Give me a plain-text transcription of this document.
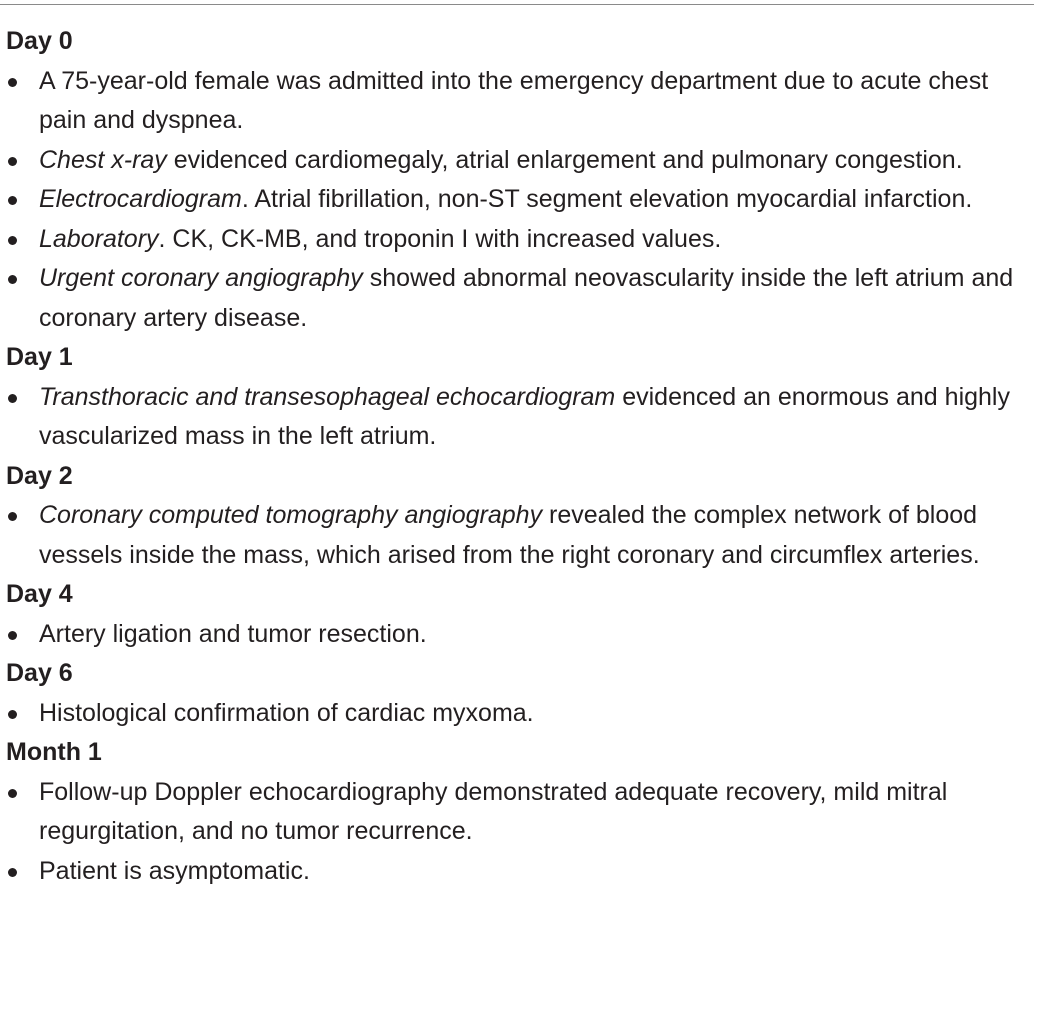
Day 0
A 75-year-old female was admitted into the emergency department due to acute chest pain and dyspnea.
Chest x-ray evidenced cardiomegaly, atrial enlargement and pulmonary congestion.
Electrocardiogram. Atrial fibrillation, non-ST segment elevation myocardial infarction.
Laboratory. CK, CK-MB, and troponin I with increased values.
Urgent coronary angiography showed abnormal neovascularity inside the left atrium and coronary artery disease.
Day 1
Transthoracic and transesophageal echocardiogram evidenced an enormous and highly vascularized mass in the left atrium.
Day 2
Coronary computed tomography angiography revealed the complex network of blood vessels inside the mass, which arised from the right coronary and circumflex arteries.
Day 4
Artery ligation and tumor resection.
Day 6
Histological confirmation of cardiac myxoma.
Month 1
Follow-up Doppler echocardiography demonstrated adequate recovery, mild mitral regurgitation, and no tumor recurrence.
Patient is asymptomatic.
